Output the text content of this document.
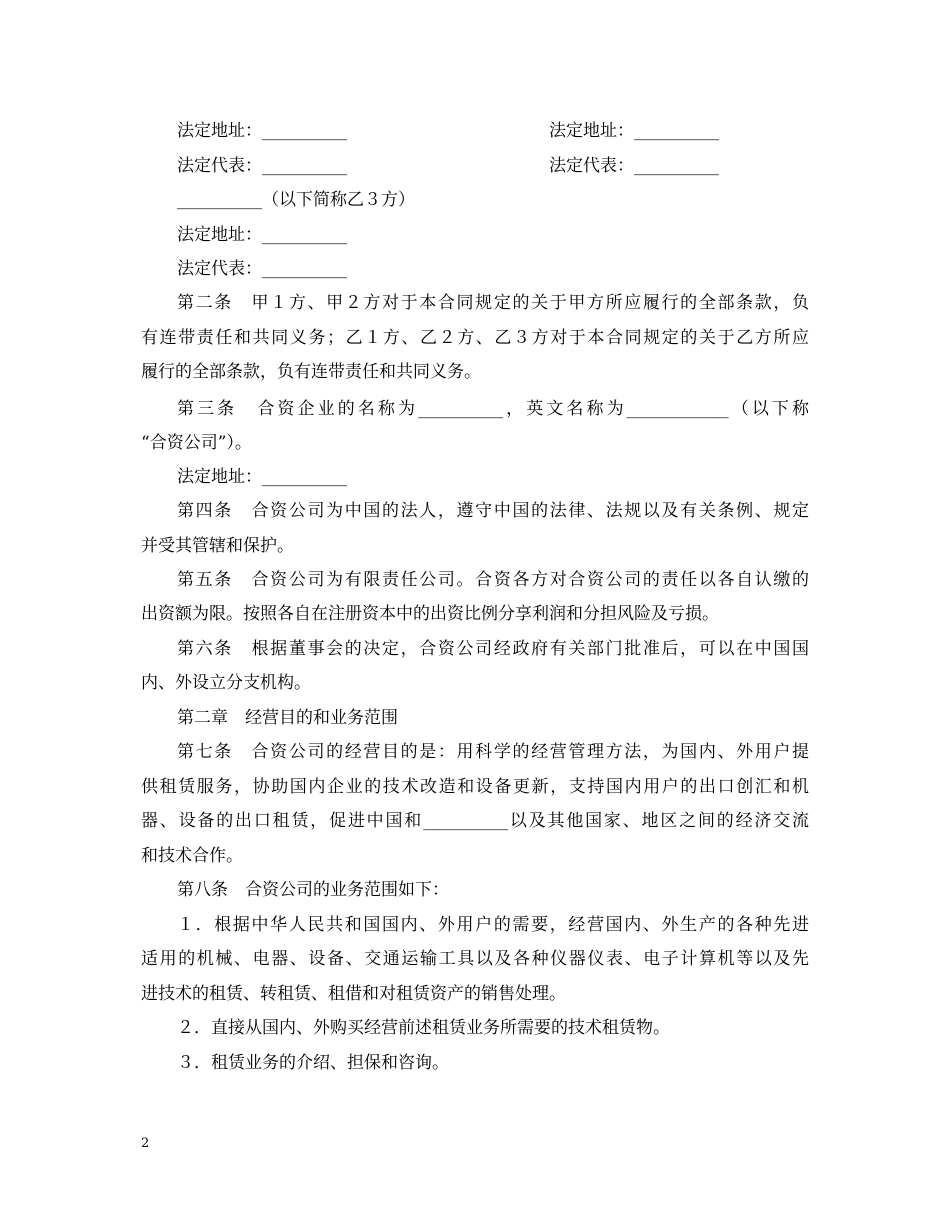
法定地址：__________	法定地址：__________
法定代表：__________	法定代表：__________
__________（以下简称乙３方）
法定地址：__________
法定代表：__________
第二条　甲１方、甲２方对于本合同规定的关于甲方所应履行的全部条款，负
有连带责任和共同义务；乙１方、乙２方、乙３方对于本合同规定的关于乙方所应
履行的全部条款，负有连带责任和共同义务。
第三条　合资企业的名称为__________，英文名称为____________（以下称
“合资公司”）。
法定地址：__________
第四条　合资公司为中国的法人，遵守中国的法律、法规以及有关条例、规定
并受其管辖和保护。
第五条　合资公司为有限责任公司。合资各方对合资公司的责任以各自认缴的
出资额为限。按照各自在注册资本中的出资比例分享利润和分担风险及亏损。
第六条　根据董事会的决定，合资公司经政府有关部门批准后，可以在中国国
内、外设立分支机构。
第二章　经营目的和业务范围
第七条　合资公司的经营目的是：用科学的经营管理方法，为国内、外用户提
供租赁服务，协助国内企业的技术改造和设备更新，支持国内用户的出口创汇和机
器、设备的出口租赁，促进中国和__________以及其他国家、地区之间的经济交流
和技术合作。
第八条　合资公司的业务范围如下：
１．根据中华人民共和国国内、外用户的需要，经营国内、外生产的各种先进
适用的机械、电器、设备、交通运输工具以及各种仪器仪表、电子计算机等以及先
进技术的租赁、转租赁、租借和对租赁资产的销售处理。
２．直接从国内、外购买经营前述租赁业务所需要的技术租赁物。
３．租赁业务的介绍、担保和咨询。
2
